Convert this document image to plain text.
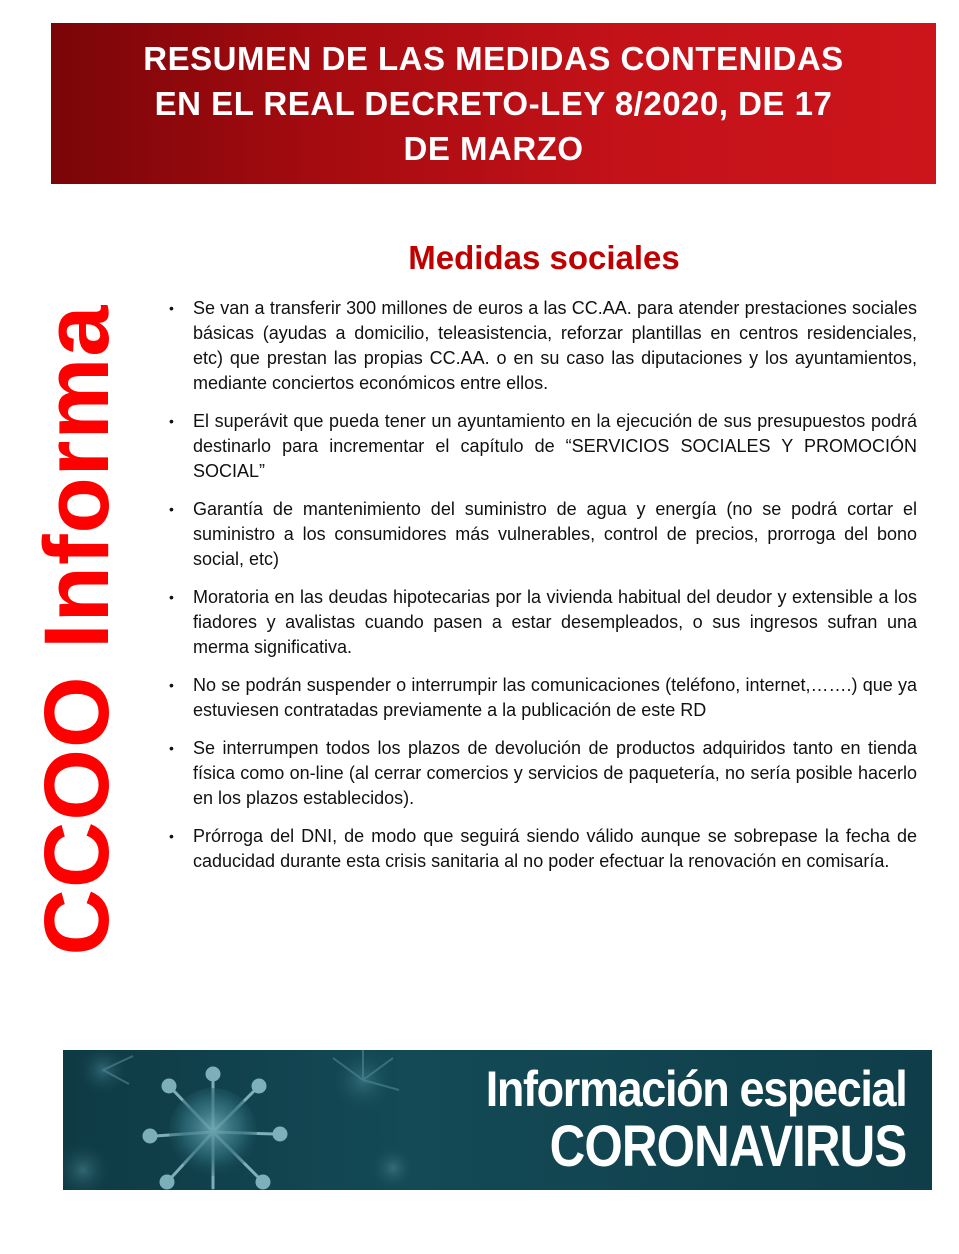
RESUMEN DE LAS MEDIDAS CONTENIDAS
EN EL REAL DECRETO-LEY 8/2020, DE 17
DE MARZO
CCOO Informa
Medidas sociales
• Se van a transferir 300 millones de euros a las CC.AA. para atender prestaciones sociales básicas (ayudas a domicilio, teleasistencia, reforzar plantillas en centros residenciales, etc) que prestan las propias CC.AA. o en su caso las diputaciones y los ayuntamientos, mediante conciertos económicos entre ellos.
• El superávit que pueda tener un ayuntamiento en la ejecución de sus presupuestos podrá destinarlo para incrementar el capítulo de “SERVICIOS SOCIALES Y PROMOCIÓN SOCIAL”
• Garantía de mantenimiento del suministro de agua y energía (no se podrá cortar el suministro a los consumidores más vulnerables, control de precios, prorroga del bono social, etc)
• Moratoria en las deudas hipotecarias por la vivienda habitual del deudor y extensible a los fiadores y avalistas cuando pasen a estar desempleados, o sus ingresos sufran una merma significativa.
• No se podrán suspender o interrumpir las comunicaciones (teléfono, internet,…….) que ya estuviesen contratadas previamente a la publicación de este RD
• Se interrumpen todos los plazos de devolución de productos adquiridos tanto en tienda física como on-line (al cerrar comercios y servicios de paquetería, no sería posible hacerlo en los plazos establecidos).
• Prórroga del DNI, de modo que seguirá siendo válido aunque se sobrepase la fecha de caducidad durante esta crisis sanitaria al no poder efectuar la renovación en comisaría.
Información especial
CORONAVIRUS
